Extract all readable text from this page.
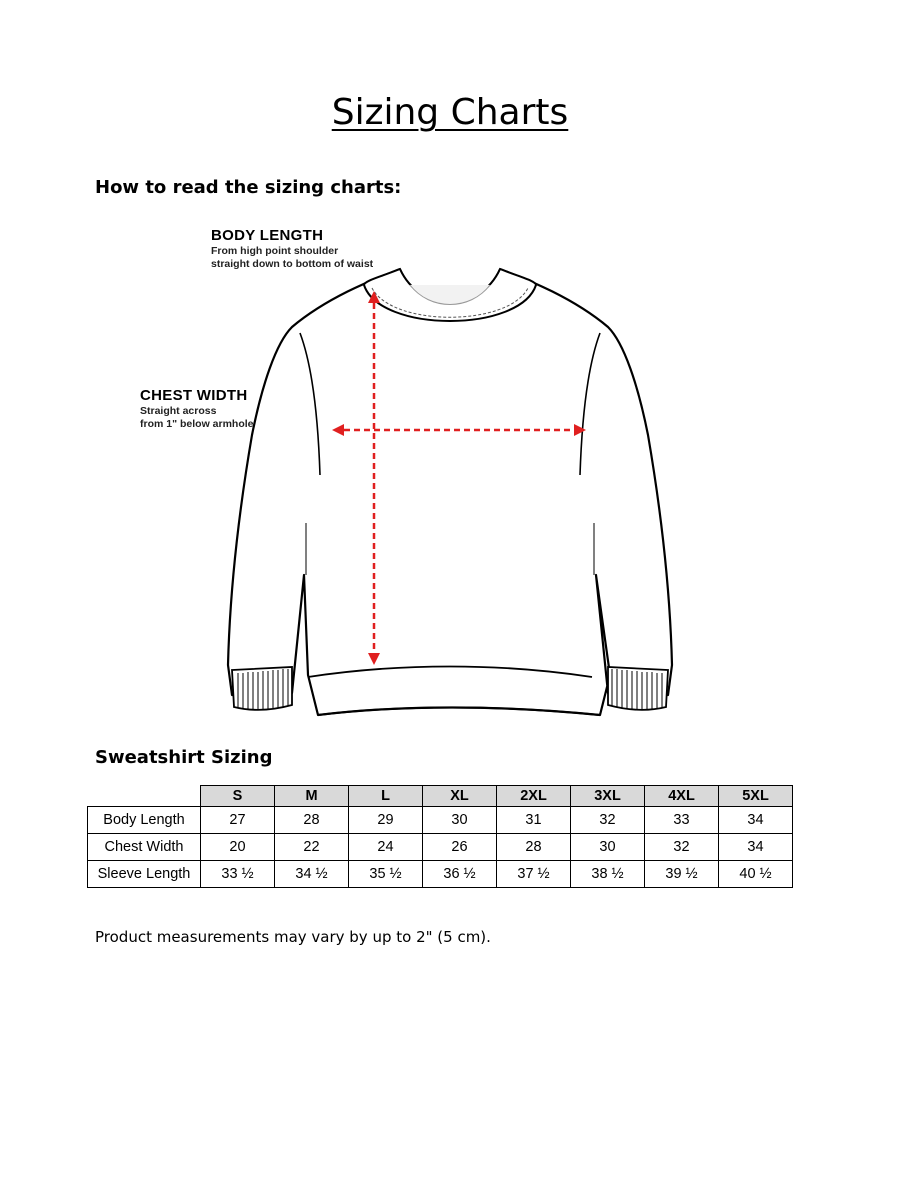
Sizing Charts
How to read the sizing charts:
BODY LENGTH
From high point shoulder
straight down to bottom of waist
CHEST WIDTH
Straight across
from 1" below armhole
Sweatshirt Sizing
	S	M	L	XL	2XL	3XL	4XL	5XL
Body Length	27	28	29	30	31	32	33	34
Chest Width	20	22	24	26	28	30	32	34
Sleeve Length	33 ½	34 ½	35 ½	36 ½	37 ½	38 ½	39 ½	40 ½
Product measurements may vary by up to 2" (5 cm).
